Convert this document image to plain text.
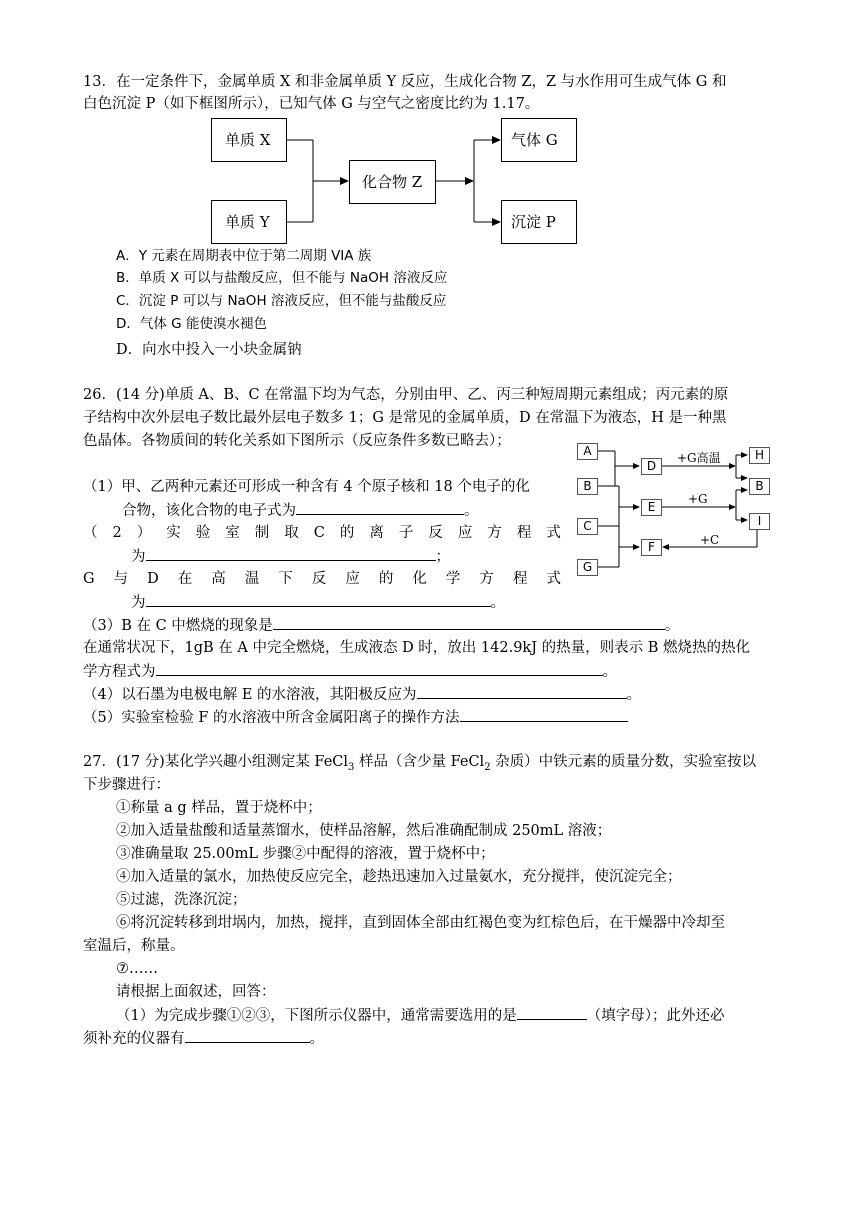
13．在一定条件下，金属单质 X 和非金属单质 Y 反应，生成化合物 Z，Z 与水作用可生成气体 G 和
白色沉淀 P（如下框图所示），已知气体 G 与空气之密度比约为 1.17。
单质 X
单质 Y
化合物 Z
气体 G
沉淀 P
A．Y 元素在周期表中位于第二周期 VIA 族
B．单质 X 可以与盐酸反应，但不能与 NaOH 溶液反应
C．沉淀 P 可以与 NaOH 溶液反应，但不能与盐酸反应
D．气体 G 能使溴水褪色
D．向水中投入一小块金属钠
26．(14 分)单质 A、B、C 在常温下均为气态，分别由甲、乙、丙三种短周期元素组成；丙元素的原
子结构中次外层电子数比最外层电子数多 1；G 是常见的金属单质，D 在常温下为液态，H 是一种黑
色晶体。各物质间的转化关系如下图所示（反应条件多数已略去）；
A
B
C
G
D
E
F
H
B
I
+G高温
+G
+C
（1）甲、乙两种元素还可形成一种含有 4 个原子核和 18 个电子的化
合物，该化合物的电子式为	。
（ 2 ） 实 验 室 制 取 C 的 离 子 反 应 方 程 式
为	；
G 与 D 在 高 温 下 反 应 的 化 学 方 程 式
为	。
（3）B 在 C 中燃烧的现象是	。
在通常状况下，1gB 在 A 中完全燃烧，生成液态 D 时，放出 142.9kJ 的热量，则表示 B 燃烧热的热化
学方程式为	。
（4）以石墨为电极电解 E 的水溶液，其阳极反应为	。
（5）实验室检验 F 的水溶液中所含金属阳离子的操作方法
27．(17 分)某化学兴趣小组测定某 FeCl$_3$ 样品（含少量 FeCl$_2$ 杂质）中铁元素的质量分数，实验室按以
下步骤进行：
①称量 a g 样品，置于烧杯中；
②加入适量盐酸和适量蒸馏水，使样品溶解，然后准确配制成 250mL 溶液；
③准确量取 25.00mL 步骤②中配得的溶液，置于烧杯中；
④加入适量的氯水，加热使反应完全，趁热迅速加入过量氨水，充分搅拌，使沉淀完全；
⑤过滤，洗涤沉淀；
⑥将沉淀转移到坩埚内，加热，搅拌，直到固体全部由红褐色变为红棕色后，在干燥器中冷却至
室温后，称量。
⑦……
请根据上面叙述，回答：
（1）为完成步骤①②③，下图所示仪器中，通常需要选用的是	（填字母）；此外还必
须补充的仪器有	。
